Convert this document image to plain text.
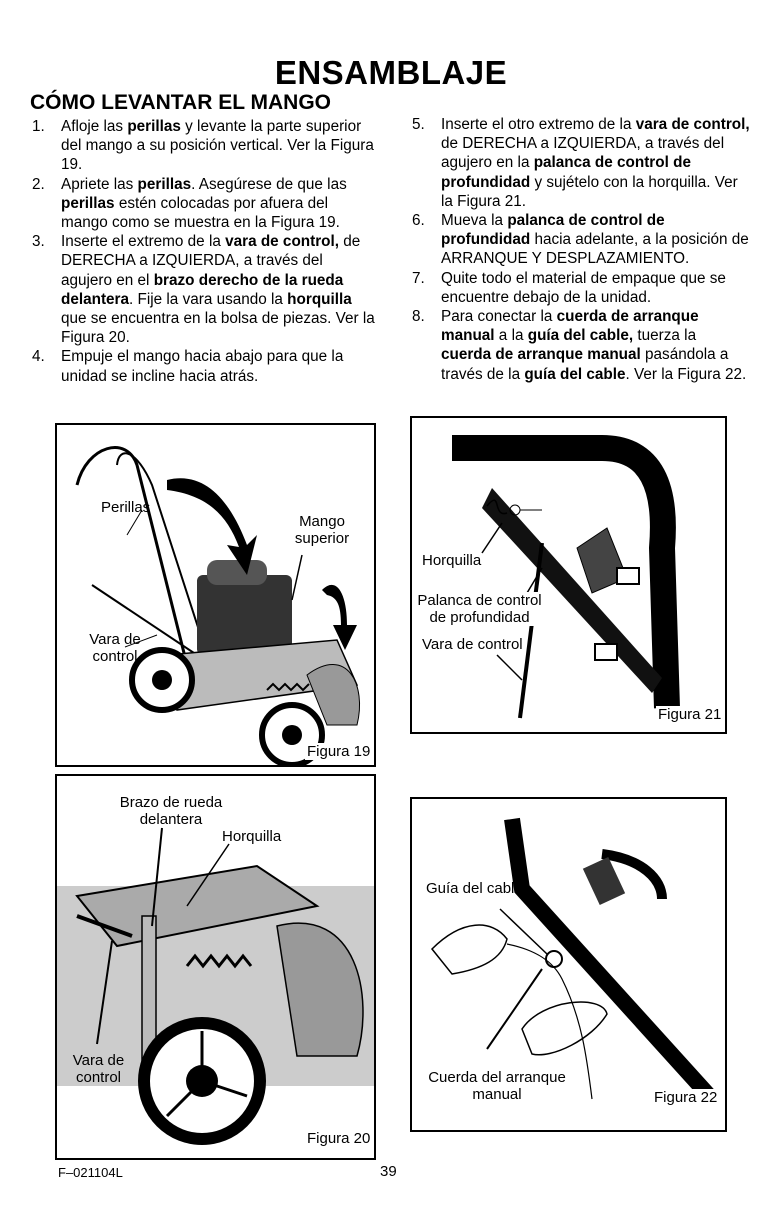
ENSAMBLAJE
CÓMO LEVANTAR EL MANGO
1. Afloje las perillas y levante la parte superior del mango a su posición vertical. Ver la Figura 19.
2. Apriete las perillas. Asegúrese de que las perillas estén colocadas por afuera del mango como se muestra en la Figura 19.
3. Inserte el extremo de la vara de control, de DERECHA a IZQUIERDA, a través del agujero en el brazo derecho de la rueda delantera. Fije la vara usando la horquilla que se encuentra en la bolsa de piezas. Ver la Figura 20.
4. Empuje el mango hacia abajo para que la unidad se incline hacia atrás.
5. Inserte el otro extremo de la vara de control, de DERECHA a IZQUIERDA, a través del agujero en la palanca de control de profundidad y sujételo con la horquilla. Ver la Figura 21.
6. Mueva la palanca de control de profundidad hacia adelante, a la posición de ARRANQUE Y DESPLAZAMIENTO.
7. Quite todo el material de empaque que se encuentre debajo de la unidad.
8. Para conectar la cuerda de arranque manual a la guía del cable, tuerza la cuerda de arranque manual pasándola a través de la guía del cable. Ver la Figura 22.
Perillas
Mango superior
Vara de control
Figura 19
Brazo de rueda delantera
Horquilla
Vara de control
Figura 20
Horquilla
Palanca de control de profundidad
Vara de control
Figura 21
Guía del cable
Cuerda del arranque manual	Figura 22
F–021104L	39
